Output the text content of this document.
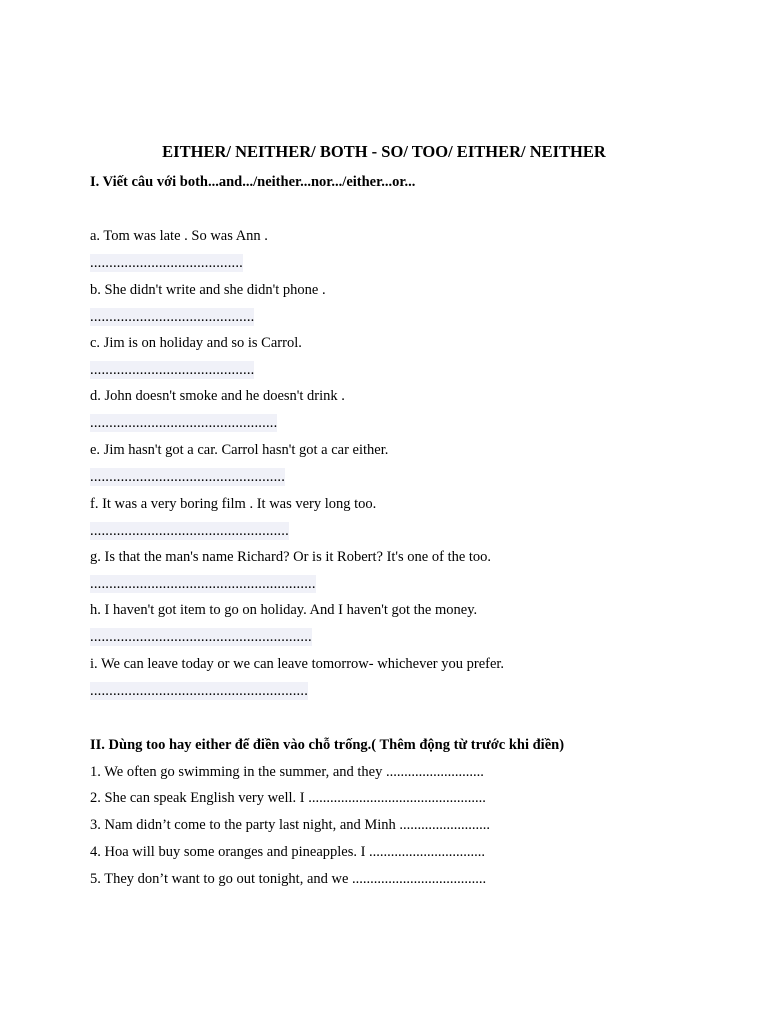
EITHER/ NEITHER/ BOTH - SO/ TOO/ EITHER/ NEITHER
I. Viết câu với both...and.../neither...nor.../either...or...
a. Tom was late . So was Ann .
........................................
b. She didn't write and she didn't phone .
...........................................
c. Jim is on holiday and so is Carrol.
...........................................
d. John doesn't smoke and he doesn't drink .
.................................................
e. Jim hasn't got a car. Carrol hasn't got a car either.
...................................................
f. It was a very boring film . It was very long too.
....................................................
g. Is that the man's name Richard? Or is it Robert? It's one of the too.
...........................................................
h. I haven't got item to go on holiday. And I haven't got the money.
..........................................................
i. We can leave today or we can leave tomorrow- whichever you prefer.
.........................................................
II. Dùng too hay either để điền vào chỗ trống.( Thêm động từ trước khi điền)
1. We often go swimming in the summer, and they ...........................
2. She can speak English very well. I .................................................
3. Nam didn’t come to the party last night, and Minh .........................
4. Hoa will buy some oranges and pineapples. I ................................
5. They don’t want to go out tonight, and we .....................................
